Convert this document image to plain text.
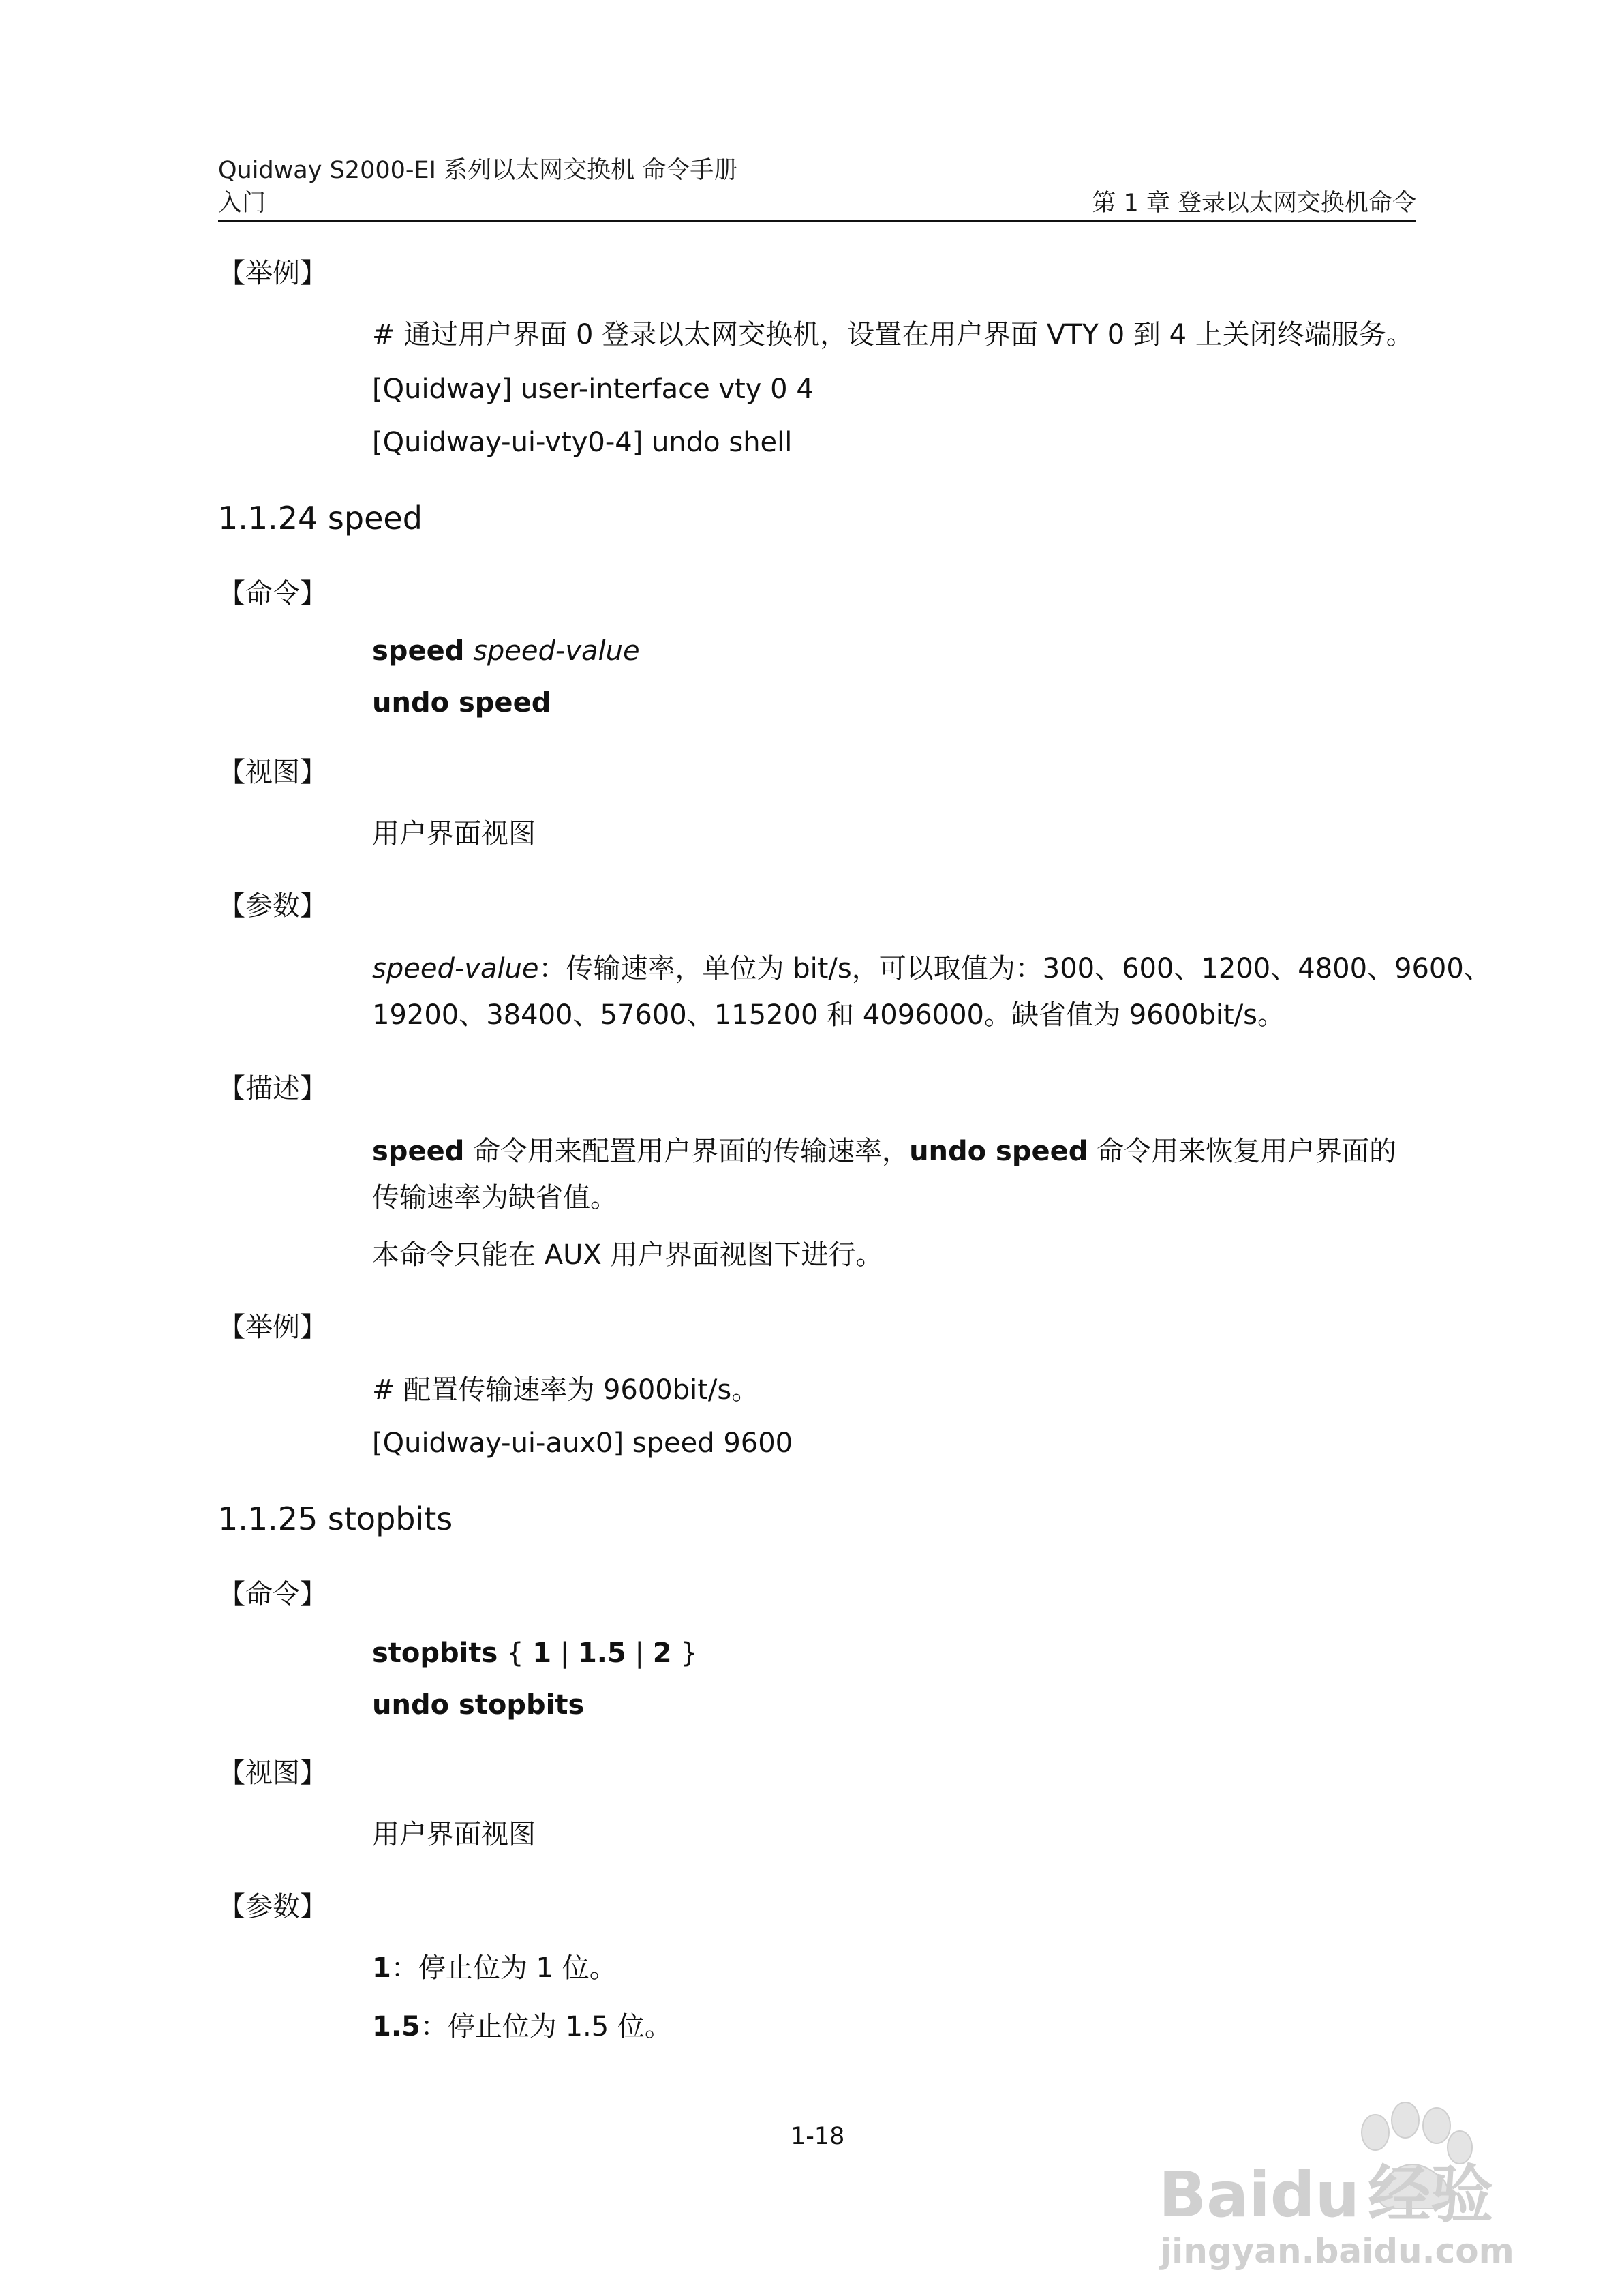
Quidway S2000-EI 系列以太网交换机 命令手册
入门	第 1 章 登录以太网交换机命令
【举例】
# 通过用户界面 0 登录以太网交换机，设置在用户界面 VTY 0 到 4 上关闭终端服务。
[Quidway] user-interface vty 0 4
[Quidway-ui-vty0-4] undo shell
1.1.24 speed
【命令】
speed speed-value
undo speed
【视图】
用户界面视图
【参数】
speed-value：传输速率，单位为 bit/s，可以取值为：300、600、1200、4800、9600、
19200、38400、57600、115200 和 4096000。缺省值为 9600bit/s。
【描述】
speed 命令用来配置用户界面的传输速率，undo speed 命令用来恢复用户界面的
传输速率为缺省值。
本命令只能在 AUX 用户界面视图下进行。
【举例】
# 配置传输速率为 9600bit/s。
[Quidway-ui-aux0] speed 9600
1.1.25 stopbits
【命令】
stopbits { 1 | 1.5 | 2 }
undo stopbits
【视图】
用户界面视图
【参数】
1：停止位为 1 位。
1.5：停止位为 1.5 位。
1-18
Baidu 经验
jingyan.baidu.com
